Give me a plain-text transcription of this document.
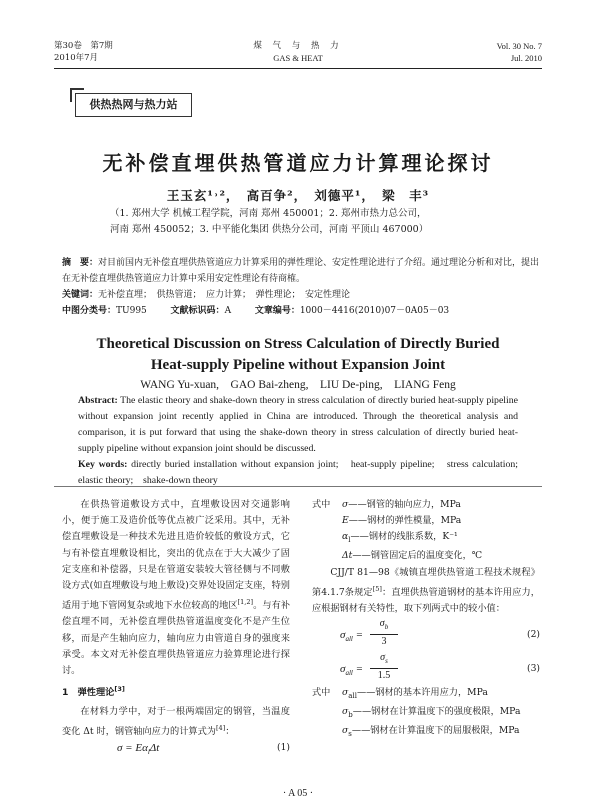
第30卷　第7期
2010年7月
煤 气 与 热 力
GAS & HEAT
Vol. 30 No. 7
Jul. 2010
供热热网与热力站
无补偿直埋供热管道应力计算理论探讨
王玉玄¹˒²，　高百争²，　刘德平¹，　梁　丰³
（1. 郑州大学 机械工程学院，河南 郑州 450001；2. 郑州市热力总公司，
河南 郑州 450052；3. 中平能化集团 供热分公司，河南 平顶山 467000）
摘　要：对目前国内无补偿直埋供热管道应力计算采用的弹性理论、安定性理论进行了介绍。通过理论分析和对比，提出在无补偿直埋供热管道应力计算中采用安定性理论有待商榷。
关键词：无补偿直埋；　供热管道；　应力计算；　弹性理论；　安定性理论
中图分类号：TU995	文献标识码：A	文章编号：1000－4416(2010)07－0A05－03
Theoretical Discussion on Stress Calculation of Directly Buried
Heat-supply Pipeline without Expansion Joint
WANG Yu-xuan,　GAO Bai-zheng,　LIU De-ping,　LIANG Feng
Abstract: The elastic theory and shake-down theory in stress calculation of directly buried heat-supply pipeline without expansion joint recently applied in China are introduced. Through the theoretical analysis and comparison, it is put forward that using the shake-down theory in stress calculation of directly buried heat-supply pipeline without expansion joint should be discussed.
Key words: directly buried installation without expansion joint;　heat-supply pipeline;　stress calculation;　elastic theory;　shake-down theory

在供热管道敷设方式中，直埋敷设因对交通影响小，便于施工及造价低等优点被广泛采用。其中，无补偿直埋敷设是一种技术先进且造价较低的敷设方式，它与有补偿直埋敷设相比，突出的优点在于大大减少了固定支座和补偿器，只是在管道安装较大管径侧与不同敷设方式(如直埋敷设与地上敷设)交界处设固定支座，特别适用于地下管网复杂或地下水位较高的地区[1,2]。与有补偿直埋不同，无补偿直埋供热管道温度变化不是产生位移，而是产生轴向应力，轴向应力由管道自身的强度来承受。本文对无补偿直埋供热管道应力验算理论进行探讨。

1　弹性理论[3]

在材料力学中，对于一根两端固定的钢管，当温度变化 Δt 时，钢管轴向应力的计算式为[4]：

$\sigma = E\alpha_l\Delta t$	(1)
式中 σ——钢管的轴向应力，MPa
E——钢材的弹性模量，MPa
$\alpha_l——$钢材的线胀系数，K⁻¹
Δt——钢管固定后的温度变化，℃

CJJ/T 81—98《城镇直埋供热管道工程技术规程》第4.1.7条规定[5]：直埋供热管道钢材的基本许用应力，应根据钢材有关特性，取下列两式中的较小值：

$\sigma_{all} = \frac{\sigma_b}{3}$	(2)
$\sigma_{all} = \frac{\sigma_s}{1.5}$	(3)
式中 $\sigma_{all}——$钢材的基本许用应力，MPa
$\sigma_b——$钢材在计算温度下的强度极限，MPa
$\sigma_s——$钢材在计算温度下的屈服极限，MPa
· A 05 ·
